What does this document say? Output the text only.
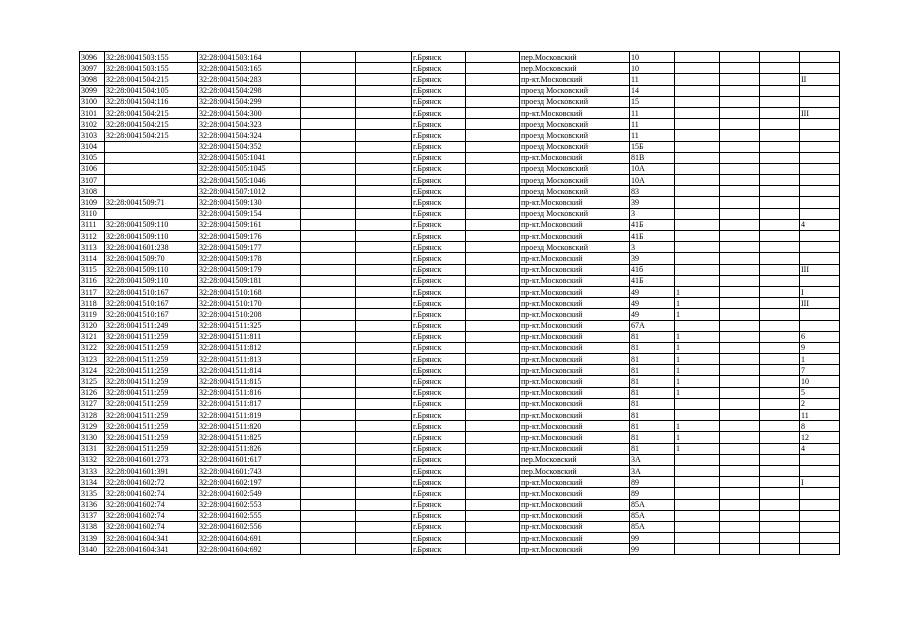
3096	32:28:0041503:155	32:28:0041503:164			г.Брянск		пер.Московский	10				
3097	32:28:0041503:155	32:28:0041503:165			г.Брянск		пер.Московский	10				
3098	32:28:0041504:215	32:28:0041504:283			г.Брянск		пр-кт.Московский	11				II
3099	32:28:0041504:105	32:28:0041504:298			г.Брянск		проезд Московский	14				
3100	32:28:0041504:116	32:28:0041504:299			г.Брянск		проезд Московский	15				
3101	32:28:0041504:215	32:28:0041504:300			г.Брянск		пр-кт.Московский	11				III
3102	32:28:0041504:215	32:28:0041504:323			г.Брянск		проезд Московский	11				
3103	32:28:0041504:215	32:28:0041504:324			г.Брянск		проезд Московский	11				
3104		32:28:0041504:352			г.Брянск		проезд Московский	15Б				
3105		32:28:0041505:1041			г.Брянск		пр-кт.Московский	81В				
3106		32:28:0041505:1045			г.Брянск		проезд Московский	10А				
3107		32:28:0041505:1046			г.Брянск		проезд Московский	10А				
3108		32:28:0041507:1012			г.Брянск		проезд Московский	83				
3109	32:28:0041509:71	32:28:0041509:130			г.Брянск		пр-кт.Московский	39				
3110		32:28:0041509:154			г.Брянск		проезд Московский	3				
3111	32:28:0041509:110	32:28:0041509:161			г.Брянск		пр-кт.Московский	41Б				4
3112	32:28:0041509:110	32:28:0041509:176			г.Брянск		пр-кт.Московский	41Б				
3113	32:28:0041601:238	32:28:0041509:177			г.Брянск		проезд Московский	3				
3114	32:28:0041509:70	32:28:0041509:178			г.Брянск		пр-кт.Московский	39				
3115	32:28:0041509:110	32:28:0041509:179			г.Брянск		пр-кт.Московский	41б				III
3116	32:28:0041509:110	32:28:0041509:181			г.Брянск		пр-кт.Московский	41Б				
3117	32:28:0041510:167	32:28:0041510:168			г.Брянск		пр-кт.Московский	49	1			I
3118	32:28:0041510:167	32:28:0041510:170			г.Брянск		пр-кт.Московский	49	1			III
3119	32:28:0041510:167	32:28:0041510:208			г.Брянск		пр-кт.Московский	49	1			
3120	32:28:0041511:249	32:28:0041511:325			г.Брянск		пр-кт.Московский	67А				
3121	32:28:0041511:259	32:28:0041511:811			г.Брянск		пр-кт.Московский	81	1			6
3122	32:28:0041511:259	32:28:0041511:812			г.Брянск		пр-кт.Московский	81	1			9
3123	32:28:0041511:259	32:28:0041511:813			г.Брянск		пр-кт.Московский	81	1			1
3124	32:28:0041511:259	32:28:0041511:814			г.Брянск		пр-кт.Московский	81	1			7
3125	32:28:0041511:259	32:28:0041511:815			г.Брянск		пр-кт.Московский	81	1			10
3126	32:28:0041511:259	32:28:0041511:816			г.Брянск		пр-кт.Московский	81	1			5
3127	32:28:0041511:259	32:28:0041511:817			г.Брянск		пр-кт.Московский	81				2
3128	32:28:0041511:259	32:28:0041511:819			г.Брянск		пр-кт.Московский	81				11
3129	32:28:0041511:259	32:28:0041511:820			г.Брянск		пр-кт.Московский	81	1			8
3130	32:28:0041511:259	32:28:0041511:825			г.Брянск		пр-кт.Московский	81	1			12
3131	32:28:0041511:259	32:28:0041511:826			г.Брянск		пр-кт.Московский	81	1			4
3132	32:28:0041601:273	32:28:0041601:617			г.Брянск		пер.Московский	3А				
3133	32:28:0041601:391	32:28:0041601:743			г.Брянск		пер.Московский	3А				
3134	32:28:0041602:72	32:28:0041602:197			г.Брянск		пр-кт.Московский	89				I
3135	32:28:0041602:74	32:28:0041602:549			г.Брянск		пр-кт.Московский	89				
3136	32:28:0041602:74	32:28:0041602:553			г.Брянск		пр-кт.Московский	85А				
3137	32:28:0041602:74	32:28:0041602:555			г.Брянск		пр-кт.Московский	85А				
3138	32:28:0041602:74	32:28:0041602:556			г.Брянск		пр-кт.Московский	85А				
3139	32:28:0041604:341	32:28:0041604:691			г.Брянск		пр-кт.Московский	99				
3140	32:28:0041604:341	32:28:0041604:692			г.Брянск		пр-кт.Московский	99				
